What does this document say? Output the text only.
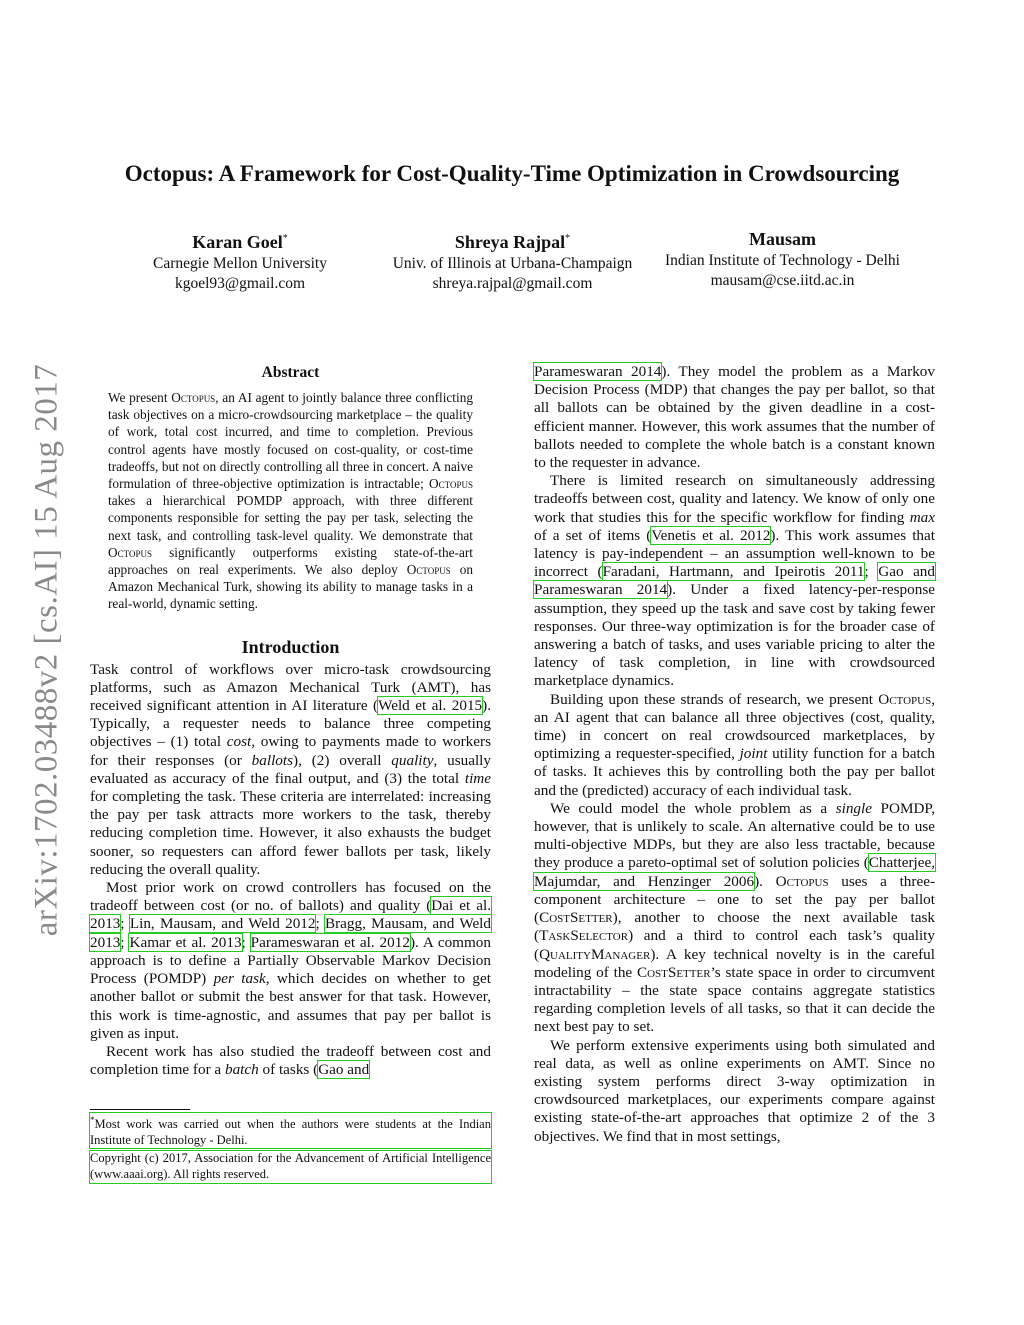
arXiv:1702.03488v2 [cs.AI] 15 Aug 2017
Octopus: A Framework for Cost-Quality-Time Optimization in Crowdsourcing
Karan Goel*
Carnegie Mellon University
kgoel93@gmail.com
Shreya Rajpal*
Univ. of Illinois at Urbana-Champaign
shreya.rajpal@gmail.com
Mausam
Indian Institute of Technology - Delhi
mausam@cse.iitd.ac.in
Abstract
We present Octopus, an AI agent to jointly balance three conflicting task objectives on a micro-crowdsourcing marketplace – the quality of work, total cost incurred, and time to completion. Previous control agents have mostly focused on cost-quality, or cost-time tradeoffs, but not on directly controlling all three in concert. A naive formulation of three-objective optimization is intractable; Octopus takes a hierarchical POMDP approach, with three different components responsible for setting the pay per task, selecting the next task, and controlling task-level quality. We demonstrate that Octopus significantly outperforms existing state-of-the-art approaches on real experiments. We also deploy Octopus on Amazon Mechanical Turk, showing its ability to manage tasks in a real-world, dynamic setting.
Introduction

Task control of workflows over micro-task crowdsourcing platforms, such as Amazon Mechanical Turk (AMT), has received significant attention in AI literature (Weld et al. 2015). Typically, a requester needs to balance three competing objectives – (1) total cost, owing to payments made to workers for their responses (or ballots), (2) overall quality, usually evaluated as accuracy of the final output, and (3) the total time for completing the task. These criteria are interrelated: increasing the pay per task attracts more workers to the task, thereby reducing completion time. However, it also exhausts the budget sooner, so requesters can afford fewer ballots per task, likely reducing the overall quality.

Most prior work on crowd controllers has focused on the tradeoff between cost (or no. of ballots) and quality (Dai et al. 2013; Lin, Mausam, and Weld 2012; Bragg, Mausam, and Weld 2013; Kamar et al. 2013; Parameswaran et al. 2012). A common approach is to define a Partially Observable Markov Decision Process (POMDP) per task, which decides on whether to get another ballot or submit the best answer for that task. However, this work is time-agnostic, and assumes that pay per ballot is given as input.

Recent work has also studied the tradeoff between cost and completion time for a batch of tasks (Gao and

*Most work was carried out when the authors were students at the Indian Institute of Technology - Delhi.
Copyright (c) 2017, Association for the Advancement of Artificial Intelligence (www.aaai.org). All rights reserved.

Parameswaran 2014). They model the problem as a Markov Decision Process (MDP) that changes the pay per ballot, so that all ballots can be obtained by the given deadline in a cost-efficient manner. However, this work assumes that the number of ballots needed to complete the whole batch is a constant known to the requester in advance.

There is limited research on simultaneously addressing tradeoffs between cost, quality and latency. We know of only one work that studies this for the specific workflow for finding max of a set of items (Venetis et al. 2012). This work assumes that latency is pay-independent – an assumption well-known to be incorrect (Faradani, Hartmann, and Ipeirotis 2011; Gao and Parameswaran 2014). Under a fixed latency-per-response assumption, they speed up the task and save cost by taking fewer responses. Our three-way optimization is for the broader case of answering a batch of tasks, and uses variable pricing to alter the latency of task completion, in line with crowdsourced marketplace dynamics.

Building upon these strands of research, we present Octopus, an AI agent that can balance all three objectives (cost, quality, time) in concert on real crowdsourced marketplaces, by optimizing a requester-specified, joint utility function for a batch of tasks. It achieves this by controlling both the pay per ballot and the (predicted) accuracy of each individual task.

We could model the whole problem as a single POMDP, however, that is unlikely to scale. An alternative could be to use multi-objective MDPs, but they are also less tractable, because they produce a pareto-optimal set of solution policies (Chatterjee, Majumdar, and Henzinger 2006). Octopus uses a three-component architecture – one to set the pay per ballot (CostSetter), another to choose the next available task (TaskSelector) and a third to control each task’s quality (QualityManager). A key technical novelty is in the careful modeling of the CostSetter’s state space in order to circumvent intractability – the state space contains aggregate statistics regarding completion levels of all tasks, so that it can decide the next best pay to set.

We perform extensive experiments using both simulated and real data, as well as online experiments on AMT. Since no existing system performs direct 3-way optimization in crowdsourced marketplaces, our experiments compare against existing state-of-the-art approaches that optimize 2 of the 3 objectives. We find that in most settings,
